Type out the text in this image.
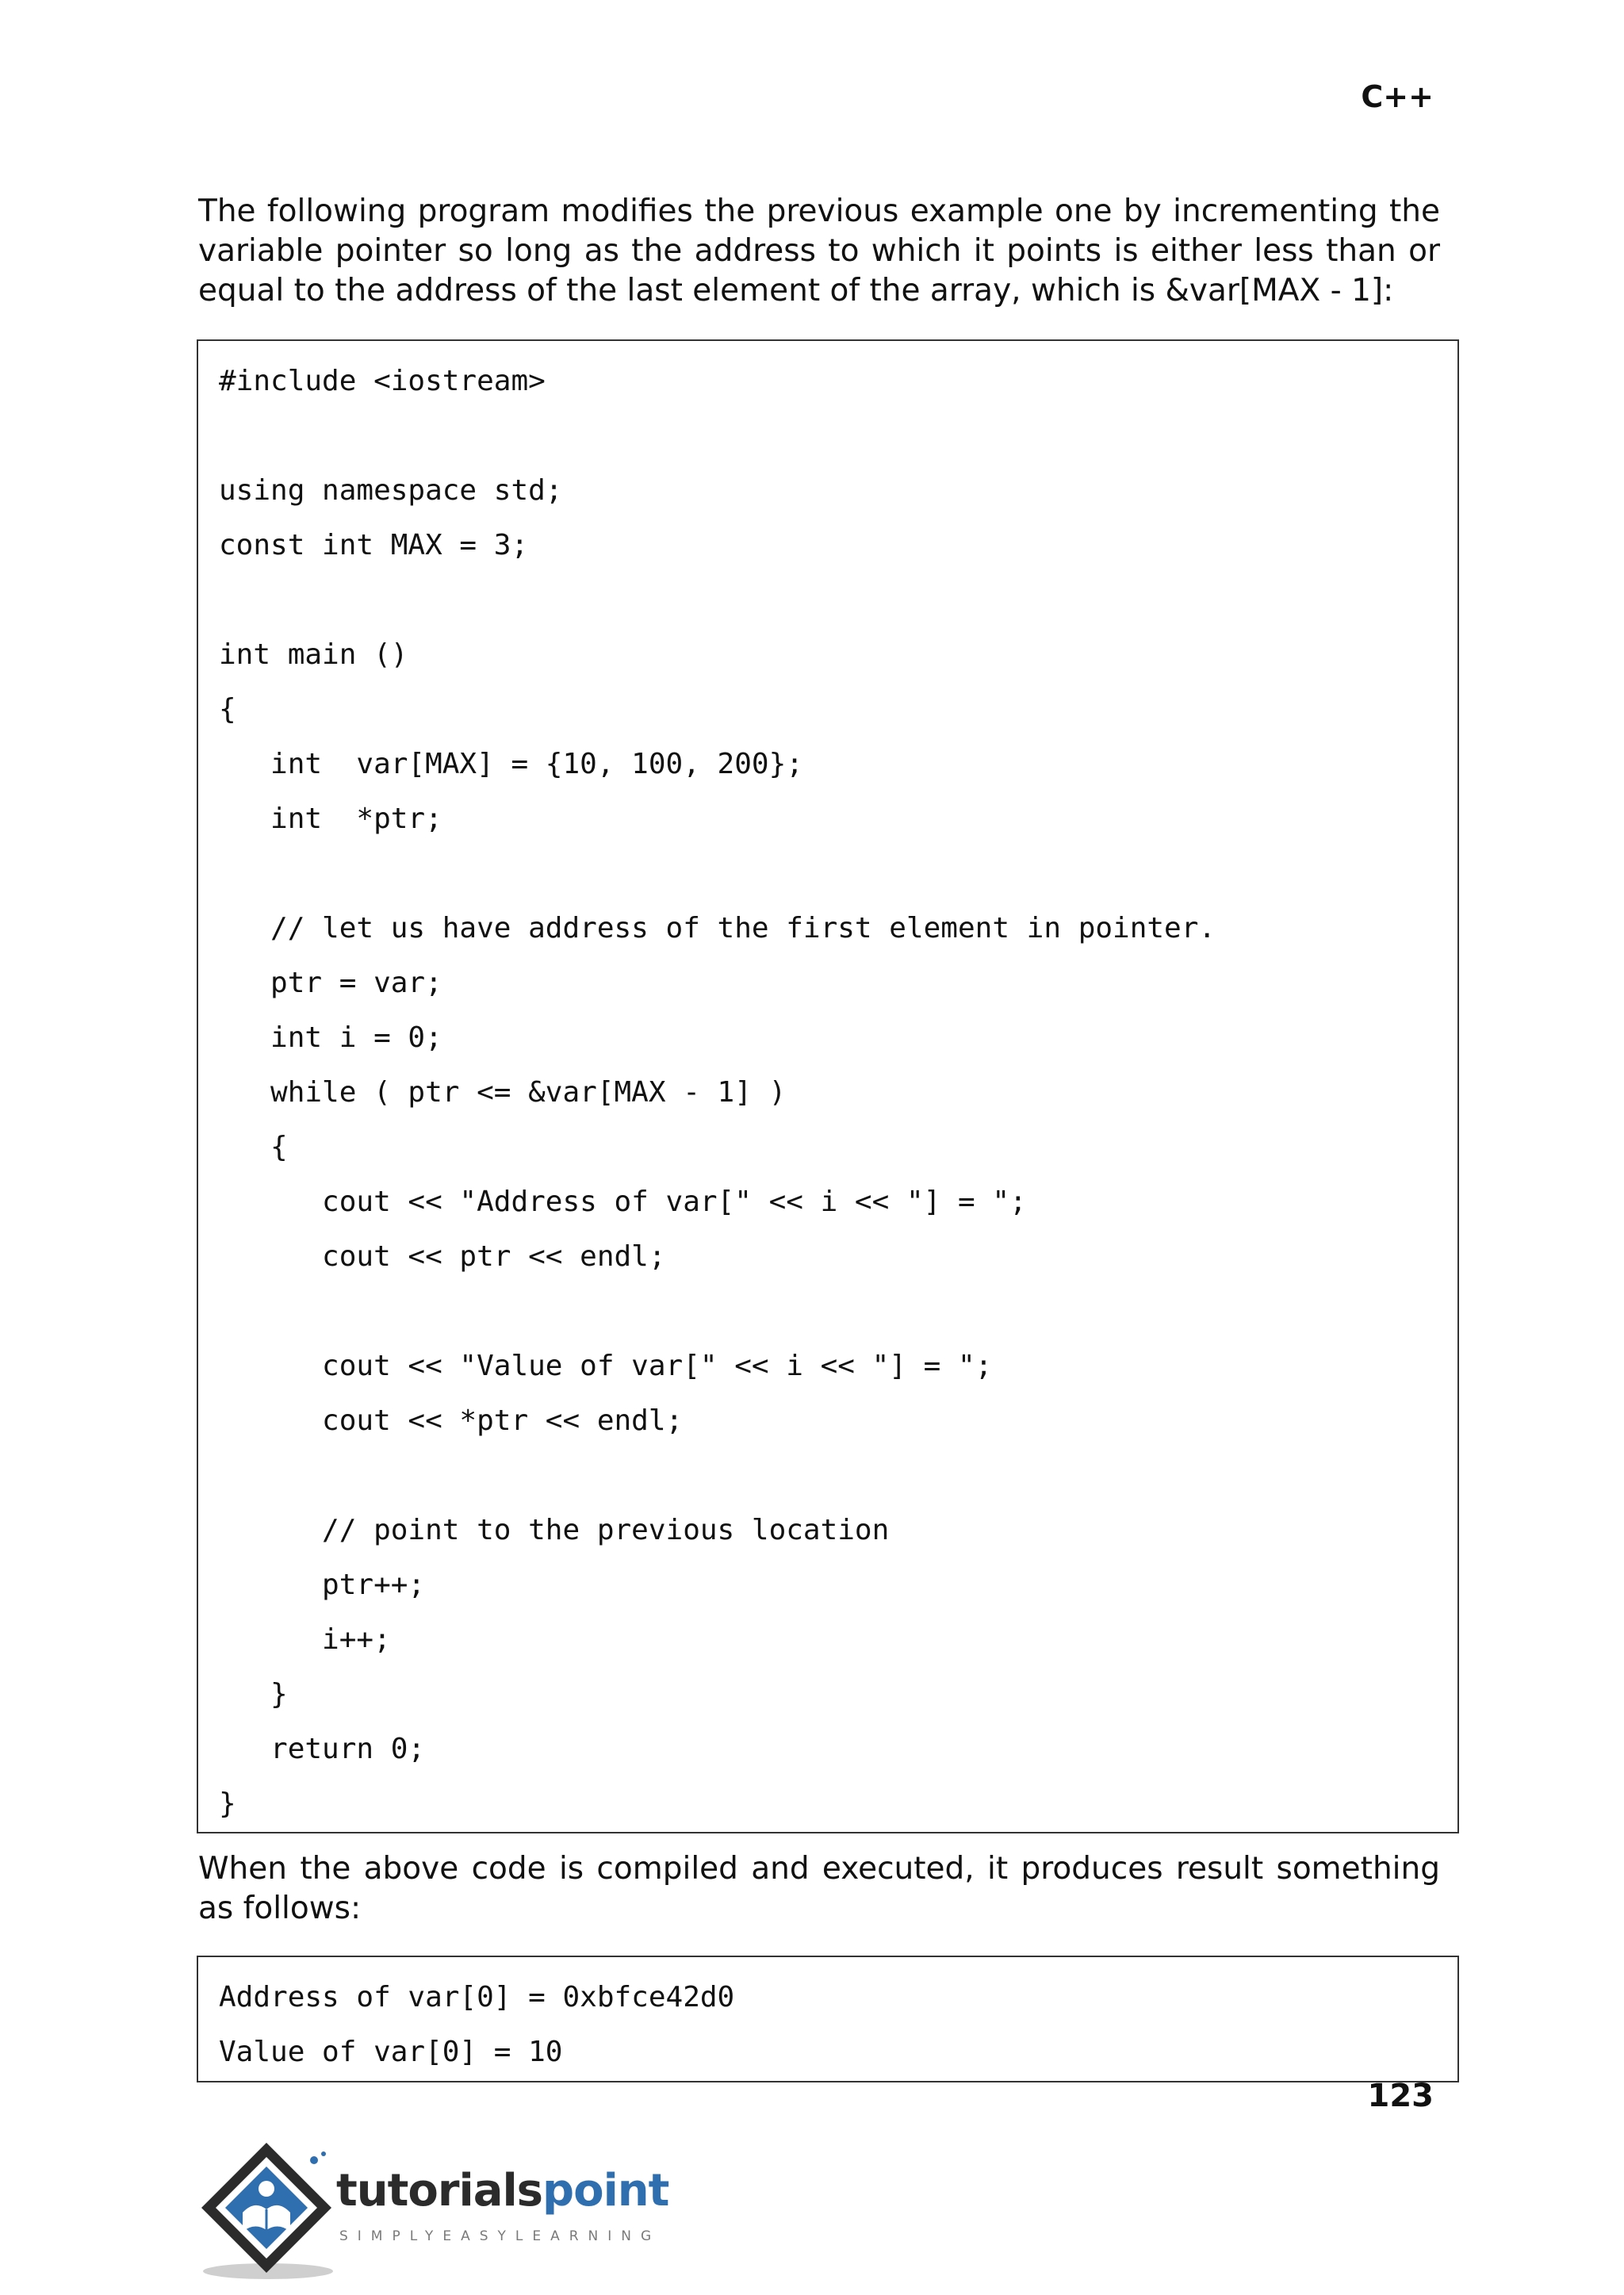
C++

The following program modifies the previous example one by incrementing the variable pointer so long as the address to which it points is either less than or equal to the address of the last element of the array, which is &var[MAX - 1]:

#include <iostream>
using namespace std;
const int MAX = 3;
int main ()
{
int  var[MAX] = {10, 100, 200};
int  *ptr;
// let us have address of the first element in pointer.
ptr = var;
int i = 0;
while ( ptr <= &var[MAX - 1] )
{
cout << "Address of var[" << i << "] = ";
cout << ptr << endl;
cout << "Value of var[" << i << "] = ";
cout << *ptr << endl;
// point to the previous location
ptr++;
i++;
}
return 0;
}

When the above code is compiled and executed, it produces result something as follows:

Address of var[0] = 0xbfce42d0
Value of var[0] = 10
123
tutorialspoint
SIMPLYEASYLEARNING
